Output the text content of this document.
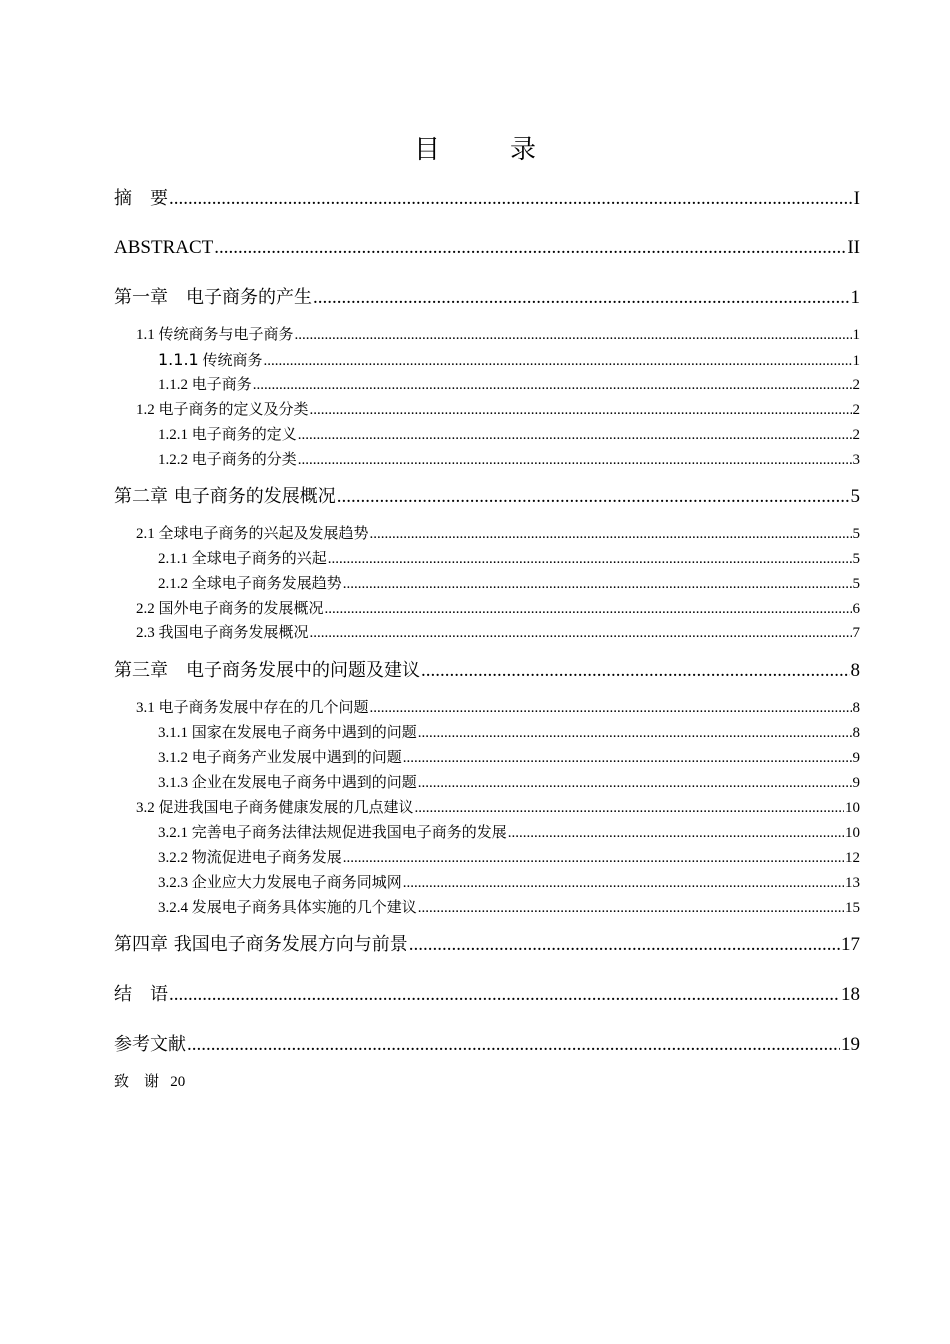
目　录
摘　要 .....	I
ABSTRACT .....	II
第一章　电子商务的产生 .....	1
1.1 传统商务与电子商务 .....	1
1.1.1 传统商务 .....	1
1.1.2 电子商务 .....	2
1.2 电子商务的定义及分类 .....	2
1.2.1 电子商务的定义 .....	2
1.2.2 电子商务的分类 .....	3
第二章 电子商务的发展概况 .....	5
2.1 全球电子商务的兴起及发展趋势 .....	5
2.1.1 全球电子商务的兴起 .....	5
2.1.2 全球电子商务发展趋势 .....	5
2.2 国外电子商务的发展概况 .....	6
2.3 我国电子商务发展概况 .....	7
第三章　电子商务发展中的问题及建议 .....	8
3.1 电子商务发展中存在的几个问题 .....	8
3.1.1 国家在发展电子商务中遇到的问题 .....	8
3.1.2 电子商务产业发展中遇到的问题 .....	9
3.1.3 企业在发展电子商务中遇到的问题 .....	9
3.2 促进我国电子商务健康发展的几点建议 .....	10
3.2.1 完善电子商务法律法规促进我国电子商务的发展 .....	10
3.2.2 物流促进电子商务发展 .....	12
3.2.3 企业应大力发展电子商务同城网 .....	13
3.2.4 发展电子商务具体实施的几个建议 .....	15
第四章 我国电子商务发展方向与前景 .....	17
结　语 .....	18
参考文献 .....	19
致　谢 20
